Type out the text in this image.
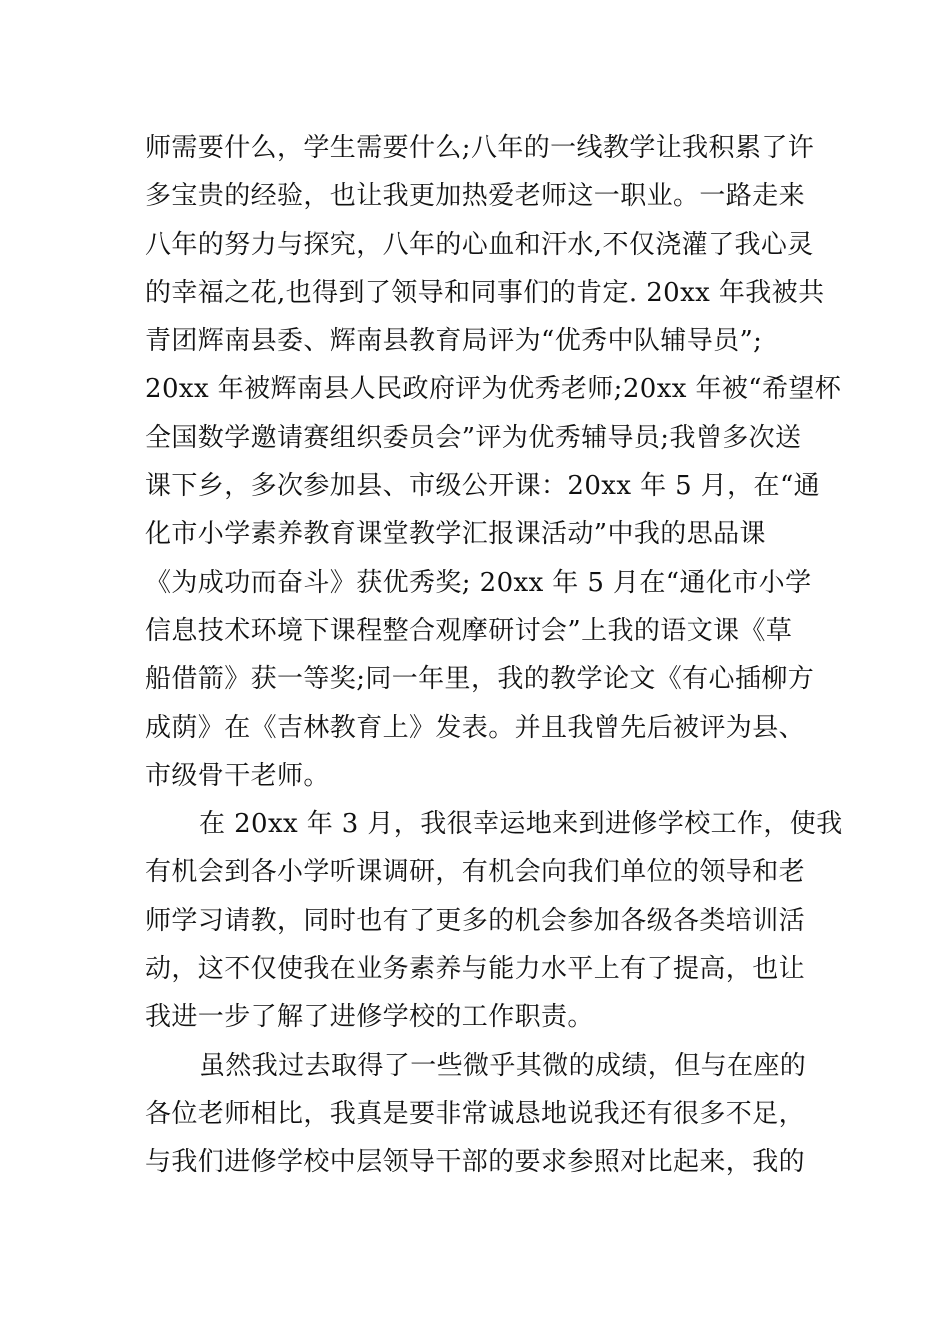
师需要什么，学生需要什么;八年的一线教学让我积累了许
多宝贵的经验，也让我更加热爱老师这一职业。一路走来
八年的努力与探究，八年的心血和汗水,不仅浇灌了我心灵
的幸福之花,也得到了领导和同事们的肯定. 20xx 年我被共
青团辉南县委、辉南县教育局评为“优秀中队辅导员”;
20xx 年被辉南县人民政府评为优秀老师;20xx 年被“希望杯
全国数学邀请赛组织委员会”评为优秀辅导员;我曾多次送
课下乡，多次参加县、市级公开课：20xx 年 5 月，在“通
化市小学素养教育课堂教学汇报课活动”中我的思品课
《为成功而奋斗》获优秀奖; 20xx 年 5 月在“通化市小学
信息技术环境下课程整合观摩研讨会”上我的语文课《草
船借箭》获一等奖;同一年里，我的教学论文《有心插柳方
成荫》在《吉林教育上》发表。并且我曾先后被评为县、
市级骨干老师。
在 20xx 年 3 月，我很幸运地来到进修学校工作，使我
有机会到各小学听课调研，有机会向我们单位的领导和老
师学习请教，同时也有了更多的机会参加各级各类培训活
动，这不仅使我在业务素养与能力水平上有了提高，也让
我进一步了解了进修学校的工作职责。
虽然我过去取得了一些微乎其微的成绩，但与在座的
各位老师相比，我真是要非常诚恳地说我还有很多不足，
与我们进修学校中层领导干部的要求参照对比起来，我的
